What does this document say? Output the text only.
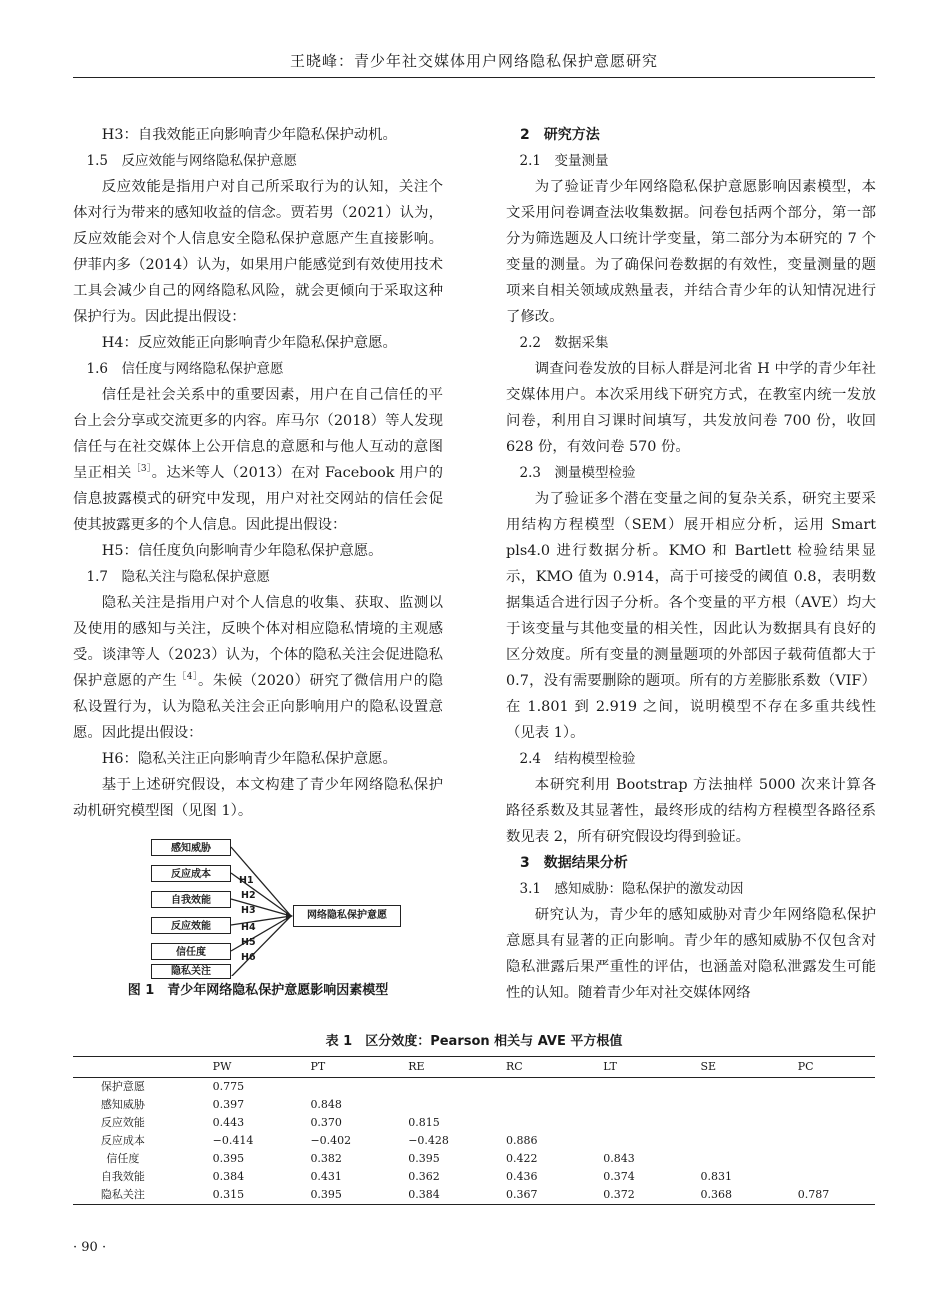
王晓峰：青少年社交媒体用户网络隐私保护意愿研究

H3：自我效能正向影响青少年隐私保护动机。

1.5　反应效能与网络隐私保护意愿

反应效能是指用户对自己所采取行为的认知，关注个体对行为带来的感知收益的信念。贾若男（2021）认为，反应效能会对个人信息安全隐私保护意愿产生直接影响。伊菲内多（2014）认为，如果用户能感觉到有效使用技术工具会减少自己的网络隐私风险，就会更倾向于采取这种保护行为。因此提出假设：

H4：反应效能正向影响青少年隐私保护意愿。

1.6　信任度与网络隐私保护意愿

信任是社会关系中的重要因素，用户在自己信任的平台上会分享或交流更多的内容。库马尔（2018）等人发现信任与在社交媒体上公开信息的意愿和与他人互动的意图呈正相关$^{[3]}$。达米等人（2013）在对 Facebook 用户的信息披露模式的研究中发现，用户对社交网站的信任会促使其披露更多的个人信息。因此提出假设：

H5：信任度负向影响青少年隐私保护意愿。

1.7　隐私关注与隐私保护意愿

隐私关注是指用户对个人信息的收集、获取、监测以及使用的感知与关注，反映个体对相应隐私情境的主观感受。谈津等人（2023）认为，个体的隐私关注会促进隐私保护意愿的产生$^{[4]}$。朱候（2020）研究了微信用户的隐私设置行为，认为隐私关注会正向影响用户的隐私设置意愿。因此提出假设：

H6：隐私关注正向影响青少年隐私保护意愿。

基于上述研究假设，本文构建了青少年网络隐私保护动机研究模型图（见图 1）。

感知威胁
反应成本
自我效能
反应效能
信任度
隐私关注
H1
H2
H3
H4
H5
H6
网络隐私保护意愿
图 1　青少年网络隐私保护意愿影响因素模型

2　研究方法

2.1　变量测量

为了验证青少年网络隐私保护意愿影响因素模型，本文采用问卷调查法收集数据。问卷包括两个部分，第一部分为筛选题及人口统计学变量，第二部分为本研究的 7 个变量的测量。为了确保问卷数据的有效性，变量测量的题项来自相关领域成熟量表，并结合青少年的认知情况进行了修改。

2.2　数据采集

调查问卷发放的目标人群是河北省 H 中学的青少年社交媒体用户。本次采用线下研究方式，在教室内统一发放问卷，利用自习课时间填写，共发放问卷 700 份，收回 628 份，有效问卷 570 份。

2.3　测量模型检验

为了验证多个潜在变量之间的复杂关系，研究主要采用结构方程模型（SEM）展开相应分析，运用 Smart pls4.0 进行数据分析。KMO 和 Bartlett 检验结果显示，KMO 值为 0.914，高于可接受的阈值 0.8，表明数据集适合进行因子分析。各个变量的平方根（AVE）均大于该变量与其他变量的相关性，因此认为数据具有良好的区分效度。所有变量的测量题项的外部因子载荷值都大于 0.7，没有需要删除的题项。所有的方差膨胀系数（VIF）在 1.801 到 2.919 之间，说明模型不存在多重共线性（见表 1）。

2.4　结构模型检验

本研究利用 Bootstrap 方法抽样 5000 次来计算各路径系数及其显著性，最终形成的结构方程模型各路径系数见表 2，所有研究假设均得到验证。

3　数据结果分析

3.1　感知威胁：隐私保护的激发动因

研究认为，青少年的感知威胁对青少年网络隐私保护意愿具有显著的正向影响。青少年的感知威胁不仅包含对隐私泄露后果严重性的评估，也涵盖对隐私泄露发生可能性的认知。随着青少年对社交媒体网络

表 1　区分效度：Pearson 相关与 AVE 平方根值
	PW	PT	RE	RC	LT	SE	PC
保护意愿	0.775						
感知威胁	0.397	0.848					
反应效能	0.443	0.370	0.815				
反应成本	−0.414	−0.402	−0.428	0.886			
信任度	0.395	0.382	0.395	0.422	0.843		
自我效能	0.384	0.431	0.362	0.436	0.374	0.831	
隐私关注	0.315	0.395	0.384	0.367	0.372	0.368	0.787
· 90 ·
